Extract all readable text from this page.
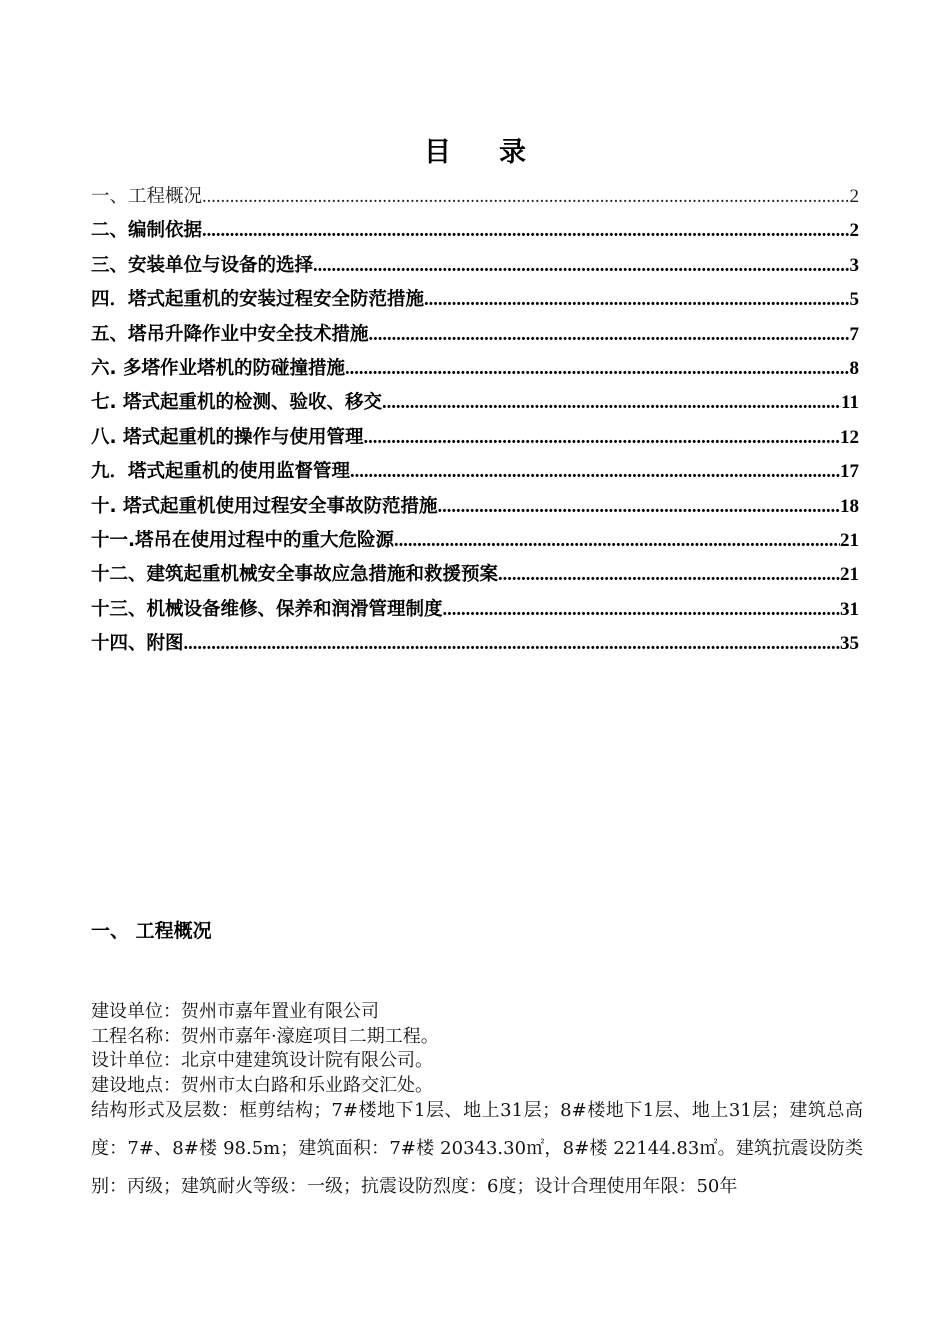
目 录
一、工程概况 .....	2
二、编制依据 .....	2
三、安装单位与设备的选择 .....	3
四．塔式起重机的安装过程安全防范措施 .....	5
五、塔吊升降作业中安全技术措施 .....	7
六. 多塔作业塔机的防碰撞措施 .....	8
七. 塔式起重机的检测、验收、移交 .....	11
八. 塔式起重机的操作与使用管理 .....	12
九．塔式起重机的使用监督管理 .....	17
十. 塔式起重机使用过程安全事故防范措施 .....	18
十一.塔吊在使用过程中的重大危险源 .....	21
十二、建筑起重机械安全事故应急措施和救援预案 .....	21
十三、机械设备维修、保养和润滑管理制度 .....	31
十四、附图 .....	35
一、 工程概况
建设单位：贺州市嘉年置业有限公司
工程名称：贺州市嘉年·濠庭项目二期工程。
设计单位：北京中建建筑设计院有限公司。
建设地点：贺州市太白路和乐业路交汇处。
结构形式及层数：框剪结构；7#楼地下1层、地上31层；8#楼地下1层、地上31层；建筑总高度：7#、8#楼 98.5m；建筑面积：7#楼 20343.30㎡，8#楼 22144.83㎡。建筑抗震设防类别：丙级；建筑耐火等级：一级；抗震设防烈度：6度；设计合理使用年限：50年
